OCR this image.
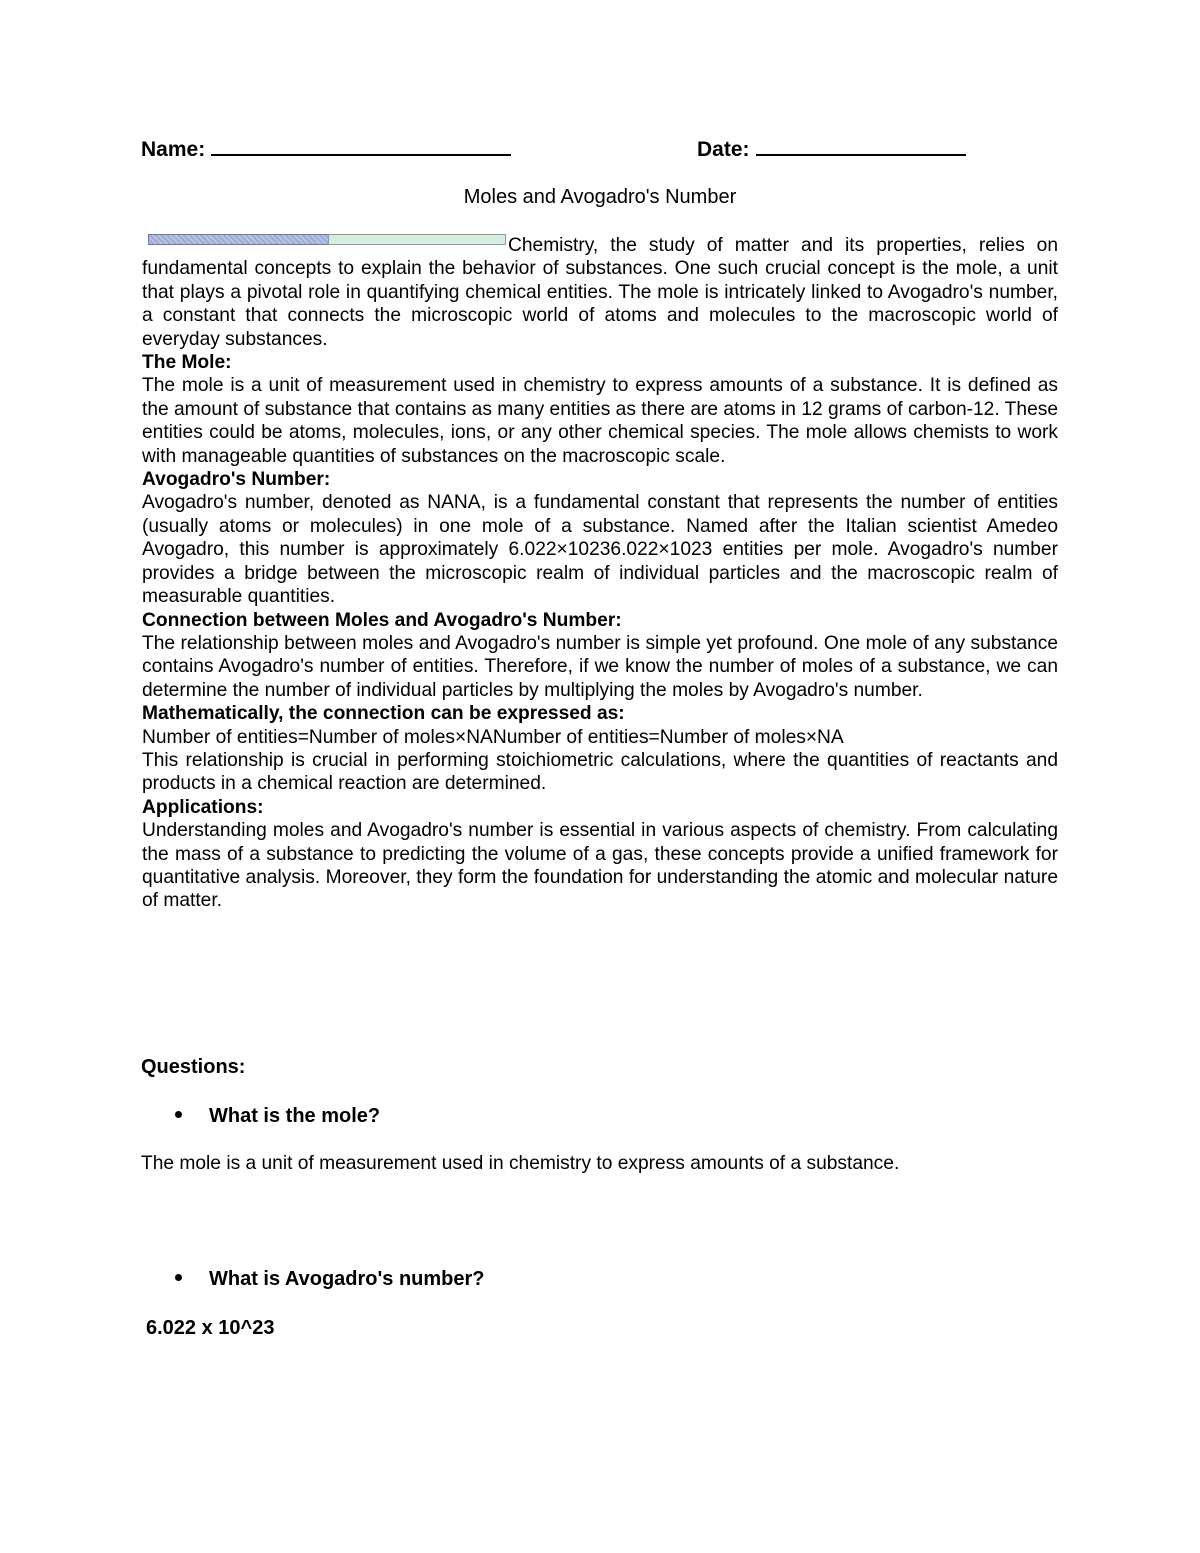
Name:	Date:
Moles and Avogadro's Number
Chemistry, the study of matter and its properties, relies on fundamental concepts to explain the behavior of substances. One such crucial concept is the mole, a unit that plays a pivotal role in quantifying chemical entities. The mole is intricately linked to Avogadro's number, a constant that connects the microscopic world of atoms and molecules to the macroscopic world of everyday substances.
The Mole:
The mole is a unit of measurement used in chemistry to express amounts of a substance. It is defined as the amount of substance that contains as many entities as there are atoms in 12 grams of carbon-12. These entities could be atoms, molecules, ions, or any other chemical species. The mole allows chemists to work with manageable quantities of substances on the macroscopic scale.
Avogadro's Number:
Avogadro's number, denoted as NANA, is a fundamental constant that represents the number of entities (usually atoms or molecules) in one mole of a substance. Named after the Italian scientist Amedeo Avogadro, this number is approximately 6.022×10236.022×1023 entities per mole. Avogadro's number provides a bridge between the microscopic realm of individual particles and the macroscopic realm of measurable quantities.
Connection between Moles and Avogadro's Number:
The relationship between moles and Avogadro's number is simple yet profound. One mole of any substance contains Avogadro's number of entities. Therefore, if we know the number of moles of a substance, we can determine the number of individual particles by multiplying the moles by Avogadro's number.
Mathematically, the connection can be expressed as:
Number of entities=Number of moles×NANumber of entities=Number of moles×NA
This relationship is crucial in performing stoichiometric calculations, where the quantities of reactants and products in a chemical reaction are determined.
Applications:
Understanding moles and Avogadro's number is essential in various aspects of chemistry. From calculating the mass of a substance to predicting the volume of a gas, these concepts provide a unified framework for quantitative analysis. Moreover, they form the foundation for understanding the atomic and molecular nature of matter.
Questions:
What is the mole?
The mole is a unit of measurement used in chemistry to express amounts of a substance.
What is Avogadro's number?
6.022 x 10^23
